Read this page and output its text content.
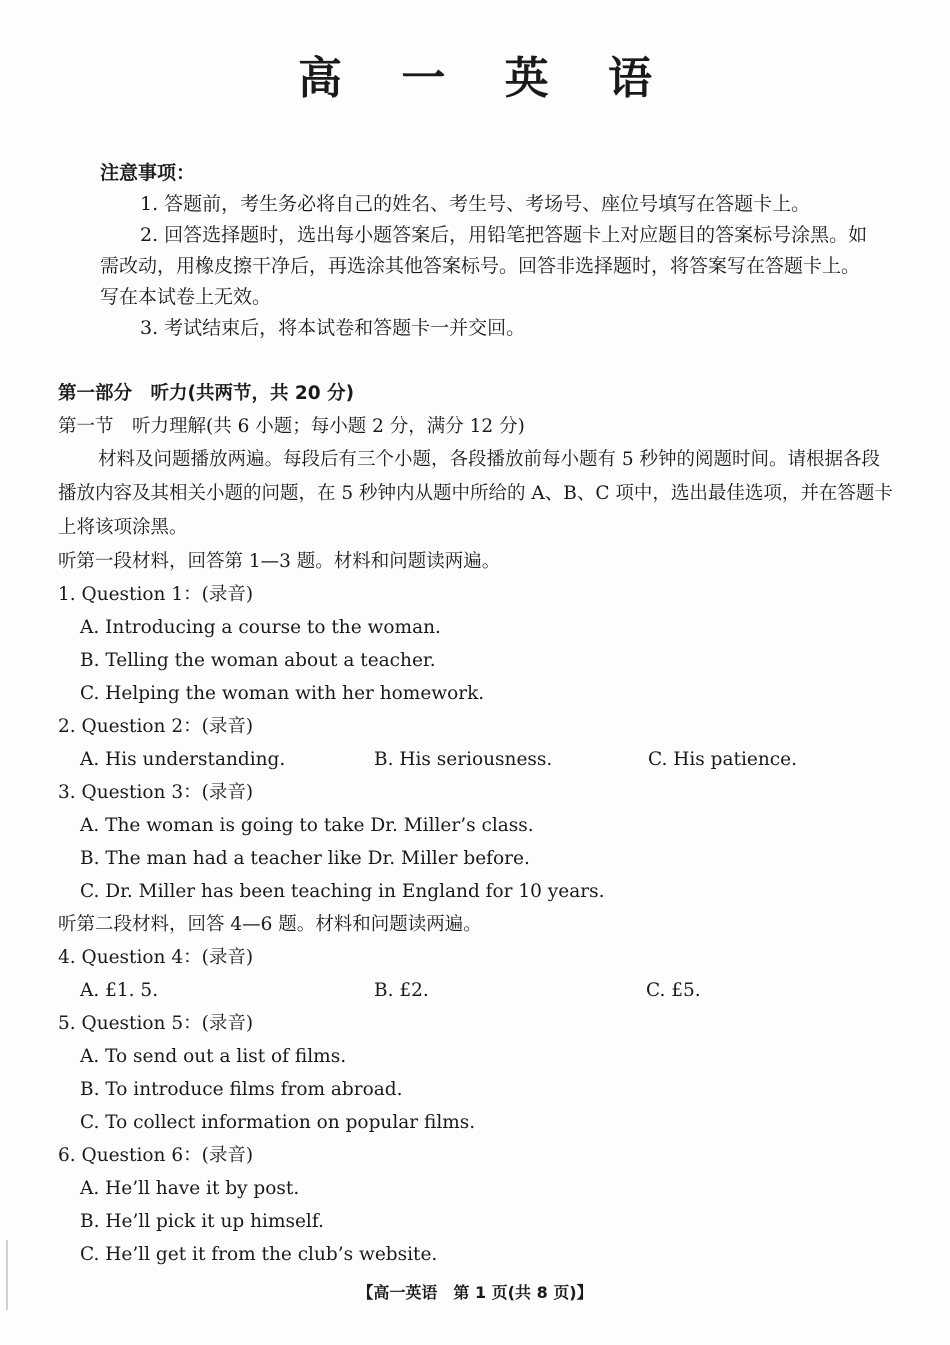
高 一 英 语
注意事项：

1. 答题前，考生务必将自己的姓名、考生号、考场号、座位号填写在答题卡上。

2. 回答选择题时，选出每小题答案后，用铅笔把答题卡上对应题目的答案标号涂黑。如需改动，用橡皮擦干净后，再选涂其他答案标号。回答非选择题时，将答案写在答题卡上。写在本试卷上无效。

3. 考试结束后，将本试卷和答题卡一并交回。

第一部分　听力(共两节，共 20 分)
第一节　听力理解(共 6 小题；每小题 2 分，满分 12 分)
材料及问题播放两遍。每段后有三个小题，各段播放前每小题有 5 秒钟的阅题时间。请根据各段播放内容及其相关小题的问题，在 5 秒钟内从题中所给的 A、B、C 项中，选出最佳选项，并在答题卡上将该项涂黑。
听第一段材料，回答第 1—3 题。材料和问题读两遍。
1. Question 1：(录音)
A. Introducing a course to the woman.
B. Telling the woman about a teacher.
C. Helping the woman with her homework.
2. Question 2：(录音)
A. His understanding.	B. His seriousness.	C. His patience.
3. Question 3：(录音)
A. The woman is going to take Dr. Miller’s class.
B. The man had a teacher like Dr. Miller before.
C. Dr. Miller has been teaching in England for 10 years.
听第二段材料，回答 4—6 题。材料和问题读两遍。
4. Question 4：(录音)
A. £1. 5.	B. £2.	C. £5.
5. Question 5：(录音)
A. To send out a list of films.
B. To introduce films from abroad.
C. To collect information on popular films.
6. Question 6：(录音)
A. He’ll have it by post.
B. He’ll pick it up himself.
C. He’ll get it from the club’s website.
【高一英语　第 1 页(共 8 页)】
